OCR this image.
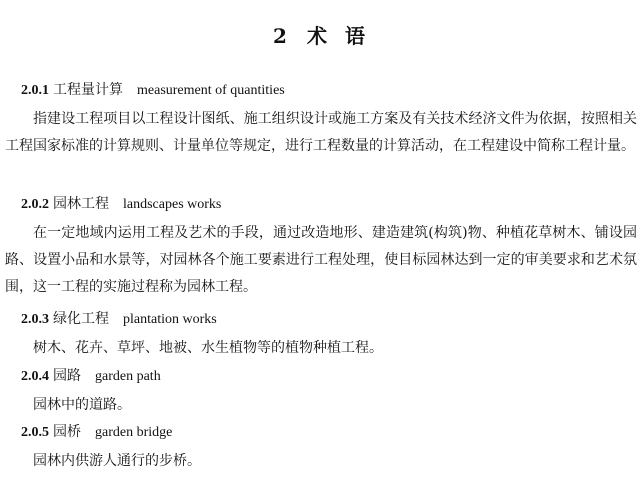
2 术 语
2.0.1 工程量计算 measurement of quantities
指建设工程项目以工程设计图纸、施工组织设计或施工方案及有关技术经济文件为依据，按照相关工程国家标准的计算规则、计量单位等规定，进行工程数量的计算活动，在工程建设中简称工程计量。
2.0.2 园林工程 landscapes works
在一定地域内运用工程及艺术的手段，通过改造地形、建造建筑(构筑)物、种植花草树木、铺设园路、设置小品和水景等，对园林各个施工要素进行工程处理，使目标园林达到一定的审美要求和艺术氛围，这一工程的实施过程称为园林工程。
2.0.3 绿化工程 plantation works
树木、花卉、草坪、地被、水生植物等的植物种植工程。
2.0.4 园路 garden path
园林中的道路。
2.0.5 园桥 garden bridge
园林内供游人通行的步桥。
